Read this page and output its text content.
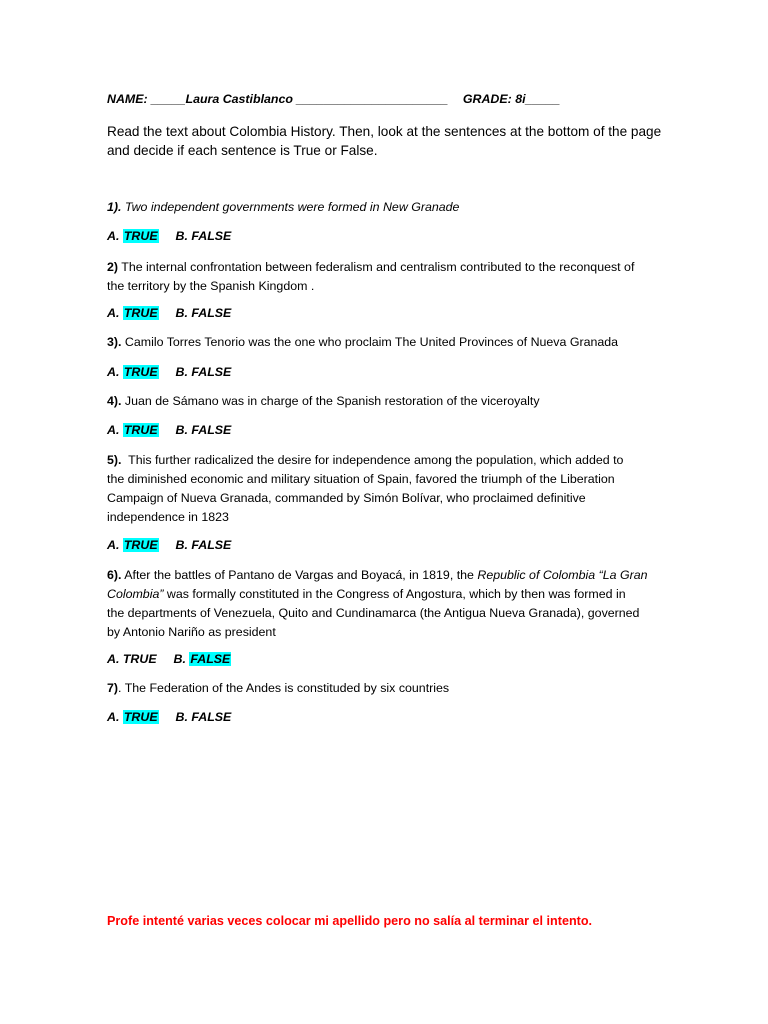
NAME: _____Laura Castiblanco ______________________ GRADE: 8i_____
Read the text about Colombia History. Then, look at the sentences at the bottom of the page
and decide if each sentence is True or False.
1). Two independent governments were formed in New Granade
A. TRUE B. FALSE
2) The internal confrontation between federalism and centralism contributed to the reconquest of
the territory by the Spanish Kingdom .
A. TRUE B. FALSE
3). Camilo Torres Tenorio was the one who proclaim The United Provinces of Nueva Granada
A. TRUE B. FALSE
4). Juan de Sámano was in charge of the Spanish restoration of the viceroyalty
A. TRUE B. FALSE
5). This further radicalized the desire for independence among the population, which added to
the diminished economic and military situation of Spain, favored the triumph of the Liberation
Campaign of Nueva Granada, commanded by Simón Bolívar, who proclaimed definitive
independence in 1823
A. TRUE B. FALSE
6). After the battles of Pantano de Vargas and Boyacá, in 1819, the Republic of Colombia “La Gran
Colombia” was formally constituted in the Congress of Angostura, which by then was formed in
the departments of Venezuela, Quito and Cundinamarca (the Antigua Nueva Granada), governed
by Antonio Nariño as president
A. TRUE B. FALSE
7). The Federation of the Andes is constituded by six countries
A. TRUE B. FALSE
Profe intenté varias veces colocar mi apellido pero no salía al terminar el intento.
